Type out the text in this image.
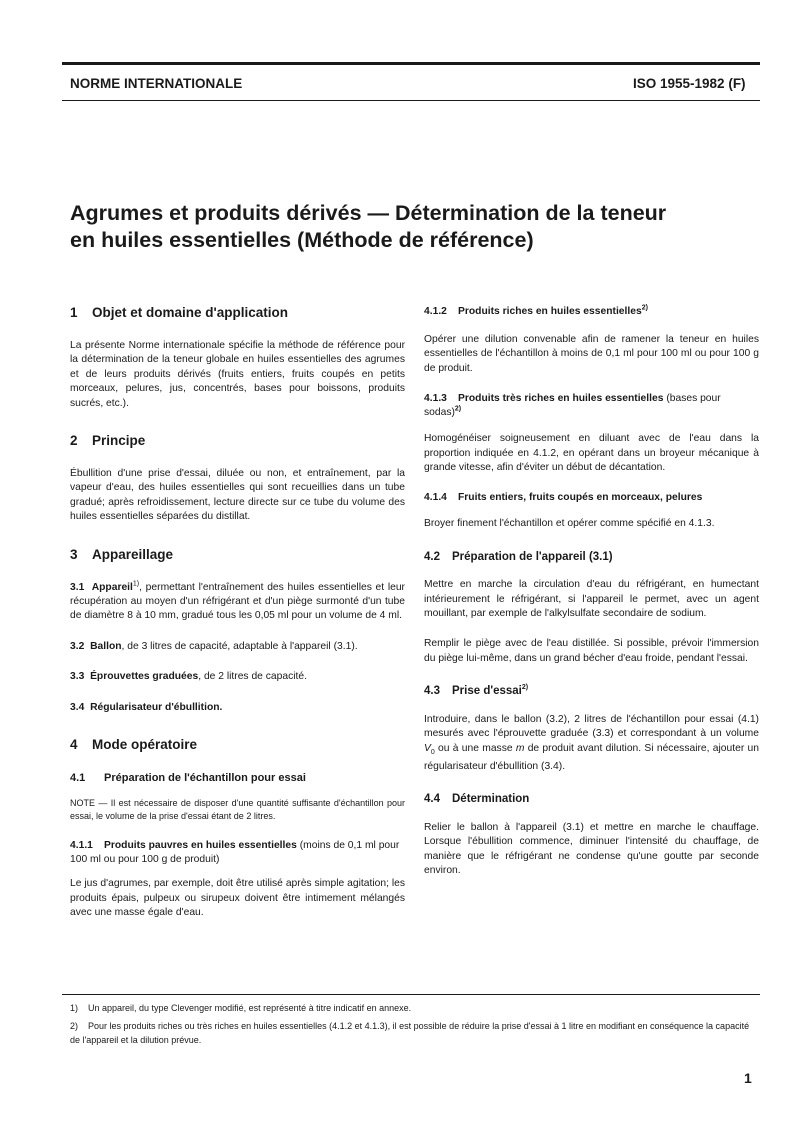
NORME INTERNATIONALE	ISO 1955-1982 (F)
Agrumes et produits dérivés — Détermination de la teneur
en huiles essentielles (Méthode de référence)
1 Objet et domaine d'application

La présente Norme internationale spécifie la méthode de référence pour la détermination de la teneur globale en huiles essentielles des agrumes et de leurs produits dérivés (fruits entiers, fruits coupés en petits morceaux, pelures, jus, concentrés, bases pour boissons, produits sucrés, etc.).

2 Principe

Ébullition d'une prise d'essai, diluée ou non, et entraînement, par la vapeur d'eau, des huiles essentielles qui sont recueillies dans un tube gradué; après refroidissement, lecture directe sur ce tube du volume des huiles essentielles séparées du distillat.

3 Appareillage

3.1 Appareil$^{1)}$, permettant l'entraînement des huiles essentielles et leur récupération au moyen d'un réfrigérant et d'un piège surmonté d'un tube de diamètre 8 à 10 mm, gradué tous les 0,05 ml pour un volume de 4 ml.

3.2 Ballon, de 3 litres de capacité, adaptable à l'appareil (3.1).

3.3 Éprouvettes graduées, de 2 litres de capacité.

3.4 Régularisateur d'ébullition.

4 Mode opératoire
4.1 Préparation de l'échantillon pour essai

NOTE — Il est nécessaire de disposer d'une quantité suffisante d'échantillon pour essai, le volume de la prise d'essai étant de 2 litres.

4.1.1 Produits pauvres en huiles essentielles (moins de 0,1 ml pour 100 ml ou pour 100 g de produit)

Le jus d'agrumes, par exemple, doit être utilisé après simple agitation; les produits épais, pulpeux ou sirupeux doivent être intimement mélangés avec une masse égale d'eau.

4.1.2 Produits riches en huiles essentielles$^{2)}$

Opérer une dilution convenable afin de ramener la teneur en huiles essentielles de l'échantillon à moins de 0,1 ml pour 100 ml ou pour 100 g de produit.

4.1.3 Produits très riches en huiles essentielles (bases pour sodas)$^{2)}$

Homogénéiser soigneusement en diluant avec de l'eau dans la proportion indiquée en 4.1.2, en opérant dans un broyeur mécanique à grande vitesse, afin d'éviter un début de décantation.

4.1.4 Fruits entiers, fruits coupés en morceaux, pelures

Broyer finement l'échantillon et opérer comme spécifié en 4.1.3.

4.2 Préparation de l'appareil (3.1)

Mettre en marche la circulation d'eau du réfrigérant, en humectant intérieurement le réfrigérant, si l'appareil le permet, avec un agent mouillant, par exemple de l'alkylsulfate secondaire de sodium.

Remplir le piège avec de l'eau distillée. Si possible, prévoir l'immersion du piège lui-même, dans un grand bécher d'eau froide, pendant l'essai.

4.3 Prise d'essai$^{2)}$

Introduire, dans le ballon (3.2), 2 litres de l'échantillon pour essai (4.1) mesurés avec l'éprouvette graduée (3.3) et correspondant à un volume $V_0$ ou à une masse m de produit avant dilution. Si nécessaire, ajouter un régularisateur d'ébullition (3.4).

4.4 Détermination

Relier le ballon à l'appareil (3.1) et mettre en marche le chauffage. Lorsque l'ébullition commence, diminuer l'intensité du chauffage, de manière que le réfrigérant ne condense qu'une goutte par seconde environ.

1) Un appareil, du type Clevenger modifié, est représenté à titre indicatif en annexe.
2) Pour les produits riches ou très riches en huiles essentielles (4.1.2 et 4.1.3), il est possible de réduire la prise d'essai à 1 litre en modifiant en conséquence la capacité de l'appareil et la dilution prévue.
1
